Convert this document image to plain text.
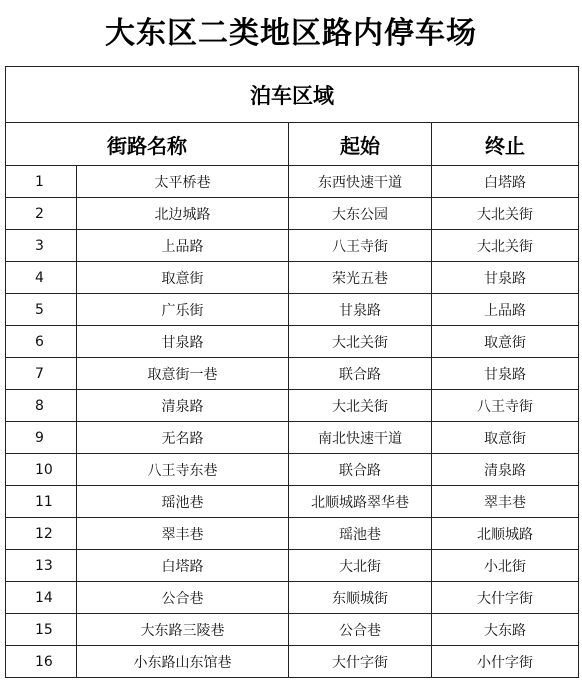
大东区二类地区路内停车场
泊车区域			
街路名称		起始	终止
1	太平桥巷	东西快速干道	白塔路
2	北边城路	大东公园	大北关街
3	上品路	八王寺街	大北关街
4	取意街	荣光五巷	甘泉路
5	广乐街	甘泉路	上品路
6	甘泉路	大北关街	取意街
7	取意街一巷	联合路	甘泉路
8	清泉路	大北关街	八王寺街
9	无名路	南北快速干道	取意街
10	八王寺东巷	联合路	清泉路
11	瑶池巷	北顺城路翠华巷	翠丰巷
12	翠丰巷	瑶池巷	北顺城路
13	白塔路	大北街	小北街
14	公合巷	东顺城街	大什字街
15	大东路三陵巷	公合巷	大东路
16	小东路山东馆巷	大什字街	小什字街
